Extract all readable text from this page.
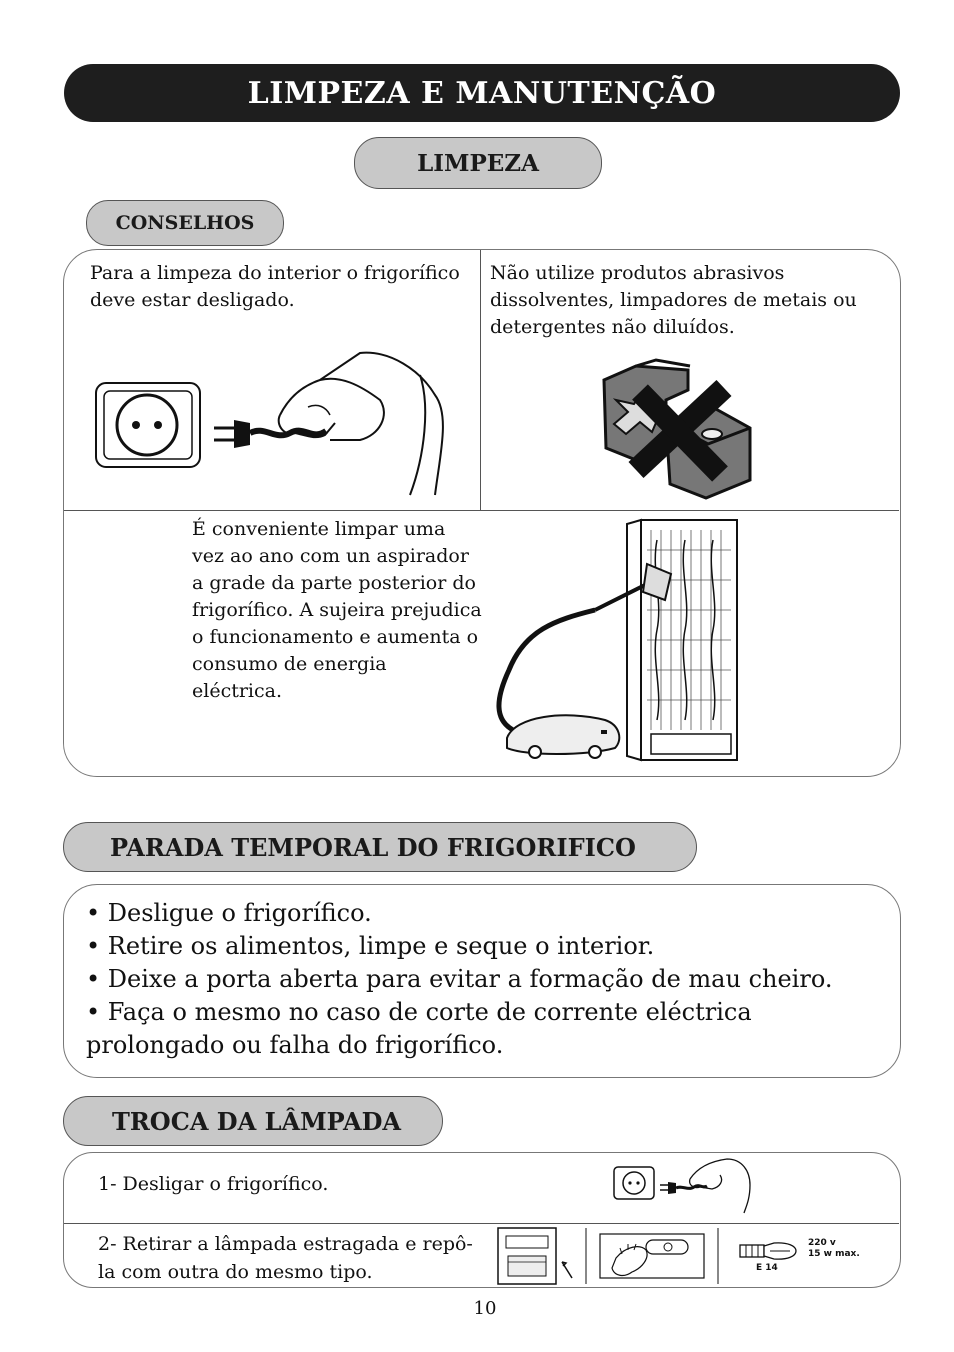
LIMPEZA E MANUTENÇÃO
LIMPEZA
CONSELHOS
Para a limpeza do interior o frigorífico deve estar desligado.
Não utilize produtos abrasivos dissolventes, limpadores de metais ou detergentes não diluídos.
É conveniente limpar uma vez ao ano com un aspirador a grade da parte posterior do frigorífico. A sujeira prejudica o funcionamento e aumenta o consumo de energia eléctrica.
PARADA TEMPORAL DO FRIGORIFICO
• Desligue o frigorífico.
• Retire os alimentos, limpe e seque o interior.
• Deixe a porta aberta para evitar a formação de mau cheiro.
• Faça o mesmo no caso de corte de corrente eléctrica prolongado ou falha do frigorífico.
TROCA DA LÂMPADA
1- Desligar o frigorífico.
2- Retirar a lâmpada estragada e repô-la com outra do mesmo tipo.
220 v
15 w max.
E 14
10
